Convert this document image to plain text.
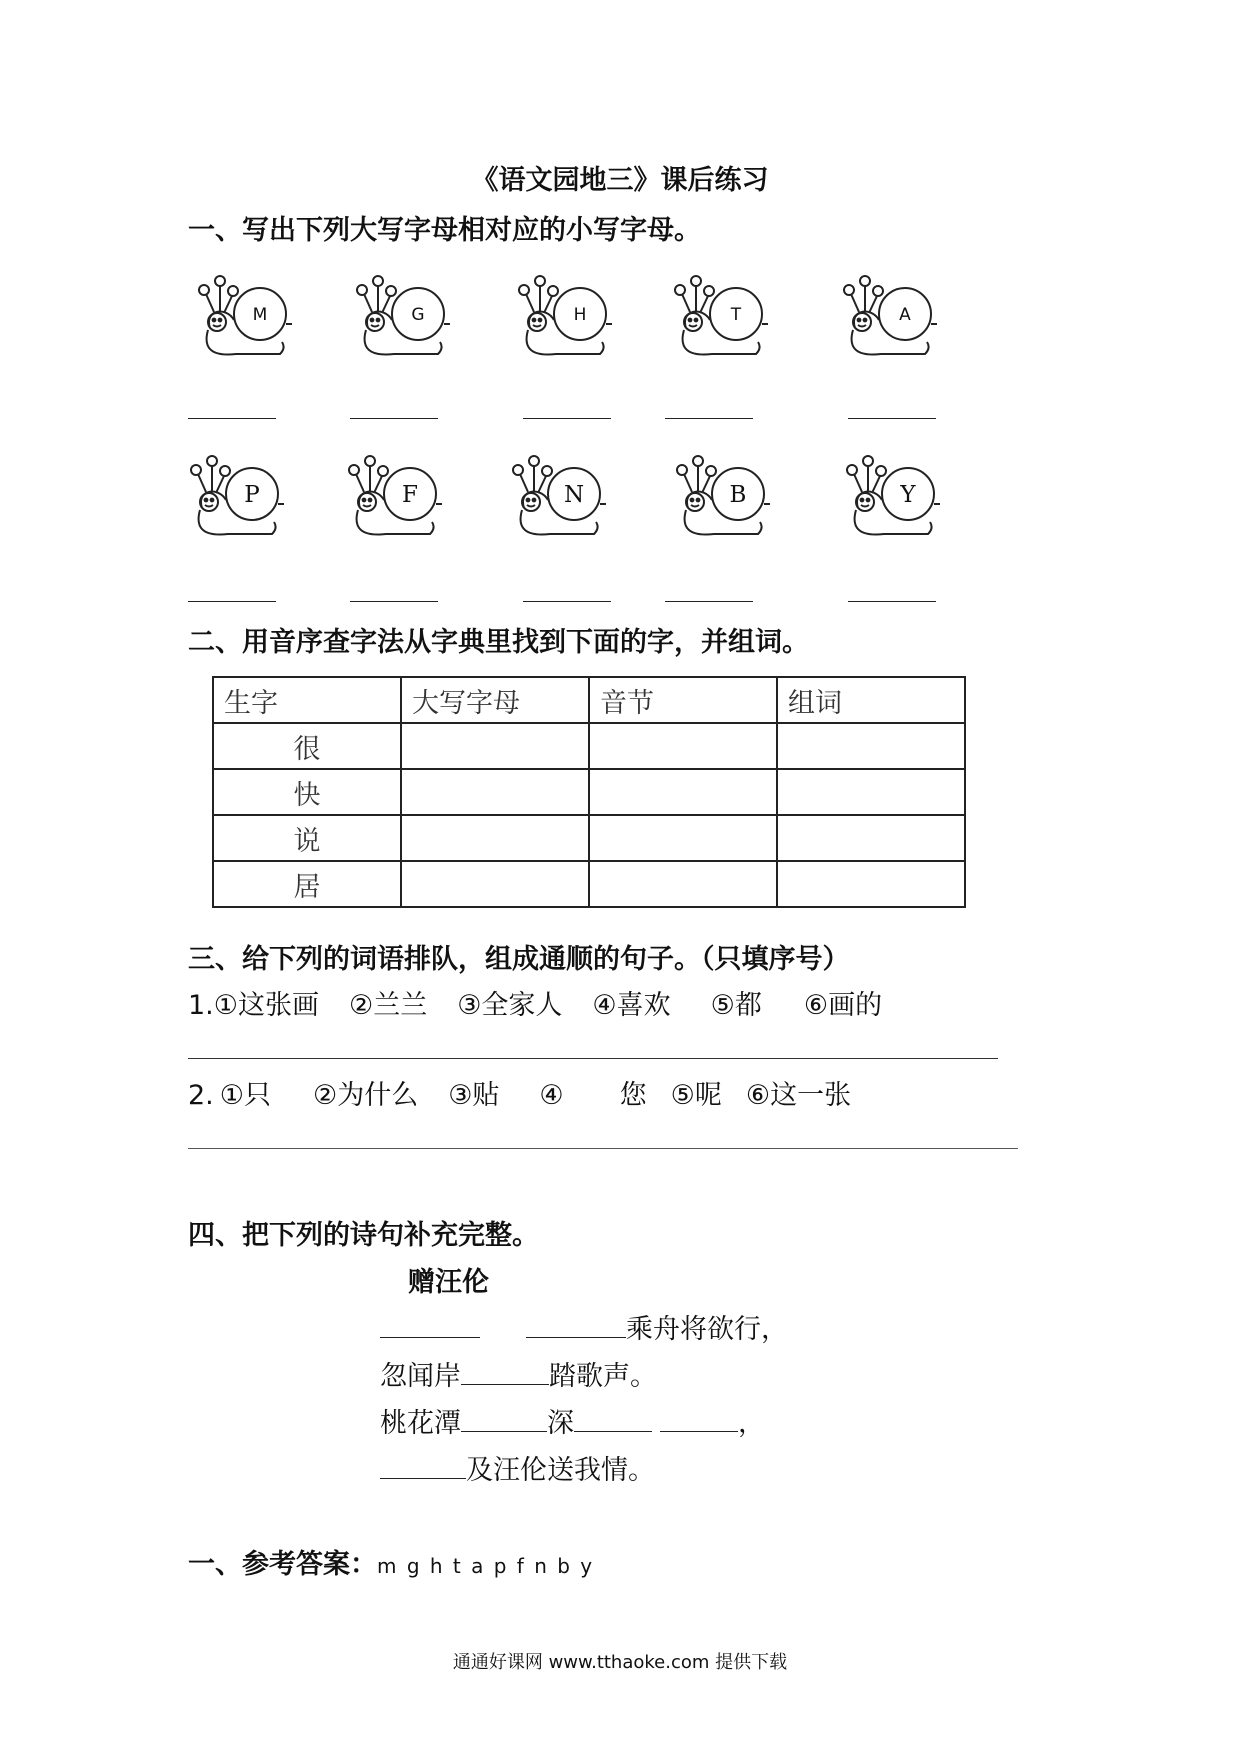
《语文园地三》课后练习
一、写出下列大写字母相对应的小写字母。
M	G	H	T	A
P	F	N	B	Y
二、用音序查字法从字典里找到下面的字，并组词。
生字	大写字母	音节	组词
很			
快			
说			
居			
三、给下列的词语排队，组成通顺的句子。（只填序号）
1.①这张画 ②兰兰 ③全家人 ④喜欢 ⑤都 ⑥画的
2. ①只 ②为什么 ③贴 ④ 您 ⑤呢 ⑥这一张
四、把下列的诗句补充完整。
赠汪伦
乘舟将欲行，
忽闻岸	踏歌声。
桃花潭	深	，
及汪伦送我情。
一、参考答案：m g h t a p f n b y
通通好课网 www.tthaoke.com 提供下载
